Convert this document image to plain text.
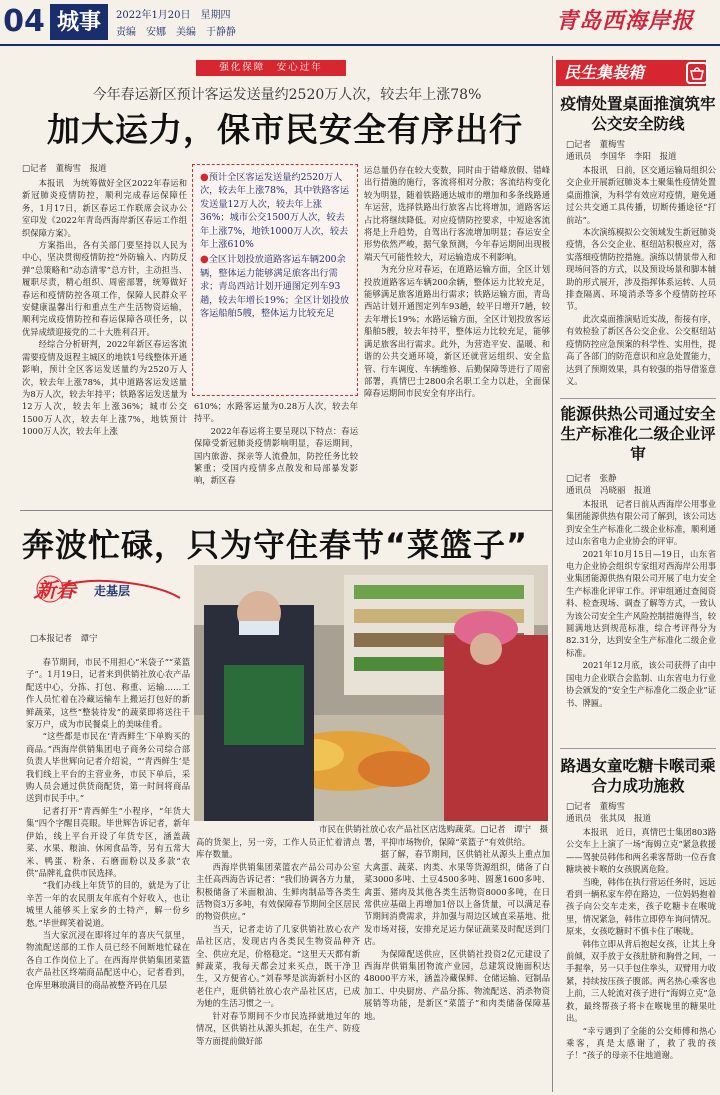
04 城事	2022年1月20日　星期四
责编　安娜　美编　于静静	青岛西海岸报
强化保障　安心过年
今年春运新区预计客运发送量约2520万人次，较去年上涨78%
加大运力，保市民安全有序出行
□记者　董梅雪　报道

本报讯　为统筹做好全区2022年春运和新冠肺炎疫情防控，顺利完成春运保障任务，1月17日，新区春运工作联席会议办公室印发《2022年青岛西海岸新区春运工作组织保障方案》。

方案指出，各有关部门要坚持以人民为中心，坚决贯彻疫情防控“外防输入、内防反弹”总策略和“动态清零”总方针，主动担当、履职尽责，精心组织、周密部署，统筹做好春运和疫情防控各项工作，保障人民群众平安健康温馨出行和重点生产生活物资运输，顺利完成疫情防控和春运保障各项任务，以优异成绩迎接党的二十大胜利召开。

经综合分析研判，2022年新区春运客流需要疫情及返程主城区的地铁1号线整体开通影响，预计全区客运发送量约为2520万人次，较去年上涨78%，其中道路客运发送量为8万人次，较去年持平；铁路客运发送量为12万人次，较去年上涨36%；城市公交1500万人次，较去年上涨7%，地铁预计1000万人次，较去年上涨

●预计全区客运发送量约2520万人次，较去年上涨78%，其中铁路客运发送量12万人次，较去年上涨36%；城市公交1500万人次，较去年上涨7%，地铁1000万人次，较去年上涨610%

●全区计划投放道路客运车辆200余辆，整体运力能够满足旅客出行需求；青岛西站计划开通图定列车93趟，较去年增长19%；全区计划投放客运船舶5艘，整体运力比较充足

610%；水路客运量为0.28万人次，较去年持平。

2022年春运将主要呈现以下特点：春运保障受新冠肺炎疫情影响明显，春运期间，国内旅游、探亲等人流叠加，防控任务比较繁重；受国内疫情多点散发和局部暴发影响，新区春

运总量仍存在较大变数，同时由于错峰放假、错峰出行措施的施行，客流将相对分散；客流结构变化较为明显，随着铁路通达城市的增加和多条线路通车运营，选择铁路出行旅客占比将增加，道路客运占比将继续降低。对应疫情防控要求，中短途客流将是上升趋势，自驾出行客流增加明显；春运安全形势依然严峻，据气象预测，今年春运期间出现极端天气可能性较大，对运输造成不利影响。

为充分应对春运，在道路运输方面，全区计划投放道路客运车辆200余辆，整体运力比较充足，能够满足旅客道路出行需求；铁路运输方面，青岛西站计划开通图定列车93趟，较平日增开7趟，较去年增长19%；水路运输方面，全区计划投放客运船舶5艘，较去年持平，整体运力比较充足，能够满足旅客出行需求。此外，为营造平安、温暖、和谐的公共交通环境，新区还就营运组织、安全监管、行车调度、车辆维修、后勤保障等进行了周密部署，真情巴士2800余名职工全力以赴，全面保障春运期间市民安全有序出行。

奔波忙碌，只为守住春节“菜篮子”
新春 走基层
□本报记者　谭宁

春节期间，市民不用担心“米袋子”“菜篮子”。1月19日，记者来到供销社放心农产品配送中心，分拣、打包、称重、运输……工作人员忙着在冷藏运输车上搬运打包好的新鲜蔬菜，这些“整装待发”的蔬菜即将送往千家万户，成为市民餐桌上的美味佳肴。

“这些都是市民在‘青西鲜生’下单购买的商品。”西海岸供销集团电子商务公司综合部负责人毕世辉向记者介绍说，“‘青西鲜生’是我们线上平台的主营业务，市民下单后，采购人员会通过供货商配货，第一时间将商品送到市民手中。”

记者打开“青西鲜生”小程序，“年货大集”四个字醒目亮眼。毕世辉告诉记者，新年伊始，线上平台开设了年货专区，涵盖蔬菜、水果、粮油、休闲食品等，另有五常大米、鸭蛋、粉条、石磨面粉以及多款“农供”品牌礼盒供市民选择。

“我们办线上年货节的目的，就是为了让辛苦一年的农民朋友年底有个好收入，也让城里人能够买上家乡的土特产，解一份乡愁。”毕世辉笑着说道。

当大家沉浸在即将过年的喜庆气氛里，物流配送部的工作人员已经不间断地忙碌在各自工作岗位上了。在西海岸供销集团菜篮农产品社区终端商品配送中心，记者看到，仓库里琳琅满目的商品被整齐码在几层

市民在供销社放心农产品社区店选购蔬菜。□记者　谭宁　摄

高的货架上，另一旁，工作人员正忙着清点库存数量。

西海岸供销集团菜篮农产品公司办公室主任高西海告诉记者：“我们协调各方力量，积极储备了米面粮油、生鲜肉制品等各类生活物资3万多吨，有效保障春节期间全区居民的物资供应。”

当天，记者走访了几家供销社放心农产品社区店，发现店内各类民生物资品种齐全、供应充足，价格稳定。“这里天天都有新鲜蔬菜，我每天都会过来买点，既干净卫生，又方便省心。”刘春琴是滨海新村小区的老住户，逛供销社放心农产品社区店，已成为她的生活习惯之一。

针对春节期间不少市民选择就地过年的情况，区供销社从源头抓起，在生产、防疫等方面提前做好部

署，平抑市场物价，保障“菜篮子”有效供给。

据了解，春节期间，区供销社从源头上重点加大禽蛋、蔬菜、肉类、水果等货源组织，储备了白菜3000多吨、土豆4500多吨、圆葱1600多吨、禽蛋、猪肉及其他各类生活物资8000多吨，在日常供应基础上再增加1倍以上备货量，可以满足春节期间消费需求，并加强与周边区域直采基地、批发市场对接，安排充足运力保证蔬菜及时配送到门店。

为保障配送供应，区供销社投资2亿元建设了西海岸供销集团物流产业园，总建筑设施面积达48000平方米，涵盖冷藏保鲜、仓储运输、冠制品加工、中央厨房、产品分拣、物流配送、消杀物资展销等功能，是新区“菜篮子”和肉类储备保障基地。

民生集装箱
疫情处置桌面推演筑牢公交安全防线
□记者　董梅雪
通讯员　李国华　李阳　报道

本报讯　日前，区交通运输局组织公交企业开展新冠肺炎本土聚集性疫情处置桌面推演，为科学有效应对疫情，避免通过公共交通工具传播，切断传播途径“打前站”。

本次演练模拟公交领域发生新冠肺炎疫情，各公交企业、枢纽站积极应对，落实落细疫情防控措施。演练以情景带入和现场问答的方式，以及预设场景和脚本辅助的形式展开，涉及指挥体系运转、人员排查隔离、环境消杀等多个疫情防控环节。

此次桌面推演贴近实战，衔接有序，有效检验了新区各公交企业、公交枢纽站疫情防控应急预案的科学性、实用性，提高了各部门的防范意识和应急处置能力，达到了预期效果，具有较强的指导借鉴意义。

能源供热公司通过安全生产标准化二级企业评审
□记者　张静
通讯员　冯晓丽　报道

本报讯　记者日前从西海岸公用事业集团能源供热有限公司了解到，该公司达到安全生产标准化二级企业标准，顺利通过山东省电力企业协会的评审。

2021年10月15日—19日，山东省电力企业协会组织专家组对西海岸公用事业集团能源供热有限公司开展了电力安全生产标准化评审工作。评审组通过查阅资料、检查现场、调查了解等方式，一致认为该公司安全生产风险控制措施得当，较圆满地达到规范标准，综合考评得分为82.31分，达到安全生产标准化二级企业标准。

2021年12月底，该公司获得了由中国电力企业联合会监制、山东省电力行业协会颁发的“安全生产标准化二级企业”证书、牌匾。

路遇女童吃糖卡喉司乘合力成功施救
□记者　董梅雪
通讯员　张其凤　报道

本报讯　近日，真情巴士集团803路公交车上上演了一场“海姆立克”紧急救援——驾驶员韩伟和两名乘客帮助一位吞食糖块被卡喉的女孩脱离危险。

当晚，韩伟在执行营运任务时，远远看到一辆私家车停在路边，一位妈妈抱着孩子向公交车走来，孩子吃糖卡在喉咙里，情况紧急，韩伟立即停车询问情况。原来，女孩吃糖时不慎卡住了喉咙。

韩伟立即从背后抱起女孩，让其上身前倾，双手放于女孩肚脐和胸骨之间，一手握拳，另一只手包住拳头，双臂用力收紧，持续按压孩子腹部。两名热心乘客也上前，三人轮流对孩子进行“海姆立克”急救，最终帮孩子将卡在喉咙里的糖果吐出。

“幸亏遇到了全能的公交师傅和热心乘客，真是太感谢了，救了我的孩子！”孩子的母亲不住地道谢。
